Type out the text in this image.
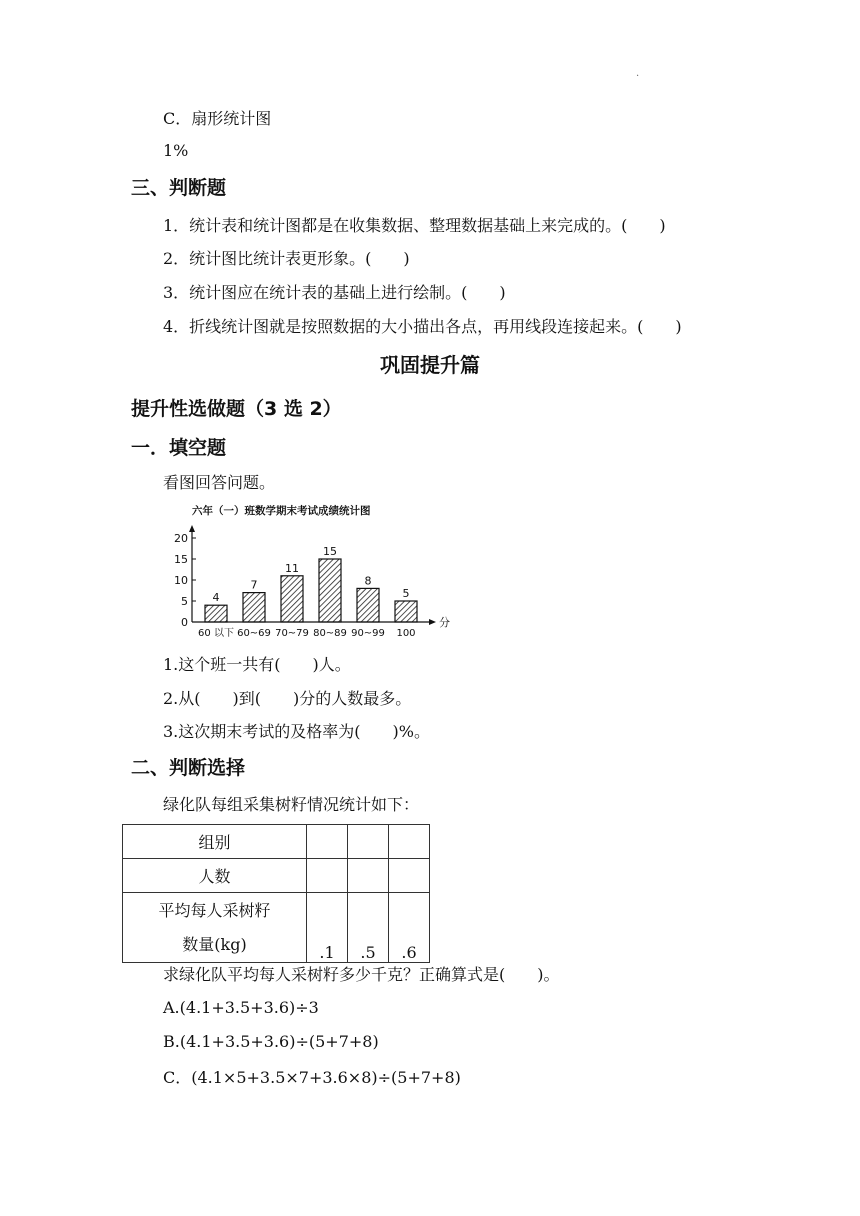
.
C．扇形统计图
1%
三、判断题
1．统计表和统计图都是在收集数据、整理数据基础上来完成的。(　　)
2．统计图比统计表更形象。(　　)
3．统计图应在统计表的基础上进行绘制。(　　)
4．折线统计图就是按照数据的大小描出各点，再用线段连接起来。(　　)
巩固提升篇
提升性选做题（3 选 2）
一．填空题
看图回答问题。
六年（一）班数学期末考试成绩统计图
0
5
10
15
20
4
7
11
15
8
5
60 以下 60~69 70~79 80~89 90~99 100
分
1.这个班一共有(　　)人。
2.从(　　)到(　　)分的人数最多。
3.这次期末考试的及格率为(　　)%。
二、判断选择
绿化队每组采集树籽情况统计如下：
组别			
人数			

平均每人采树籽
数量(kg)	.1	.5	.6
求绿化队平均每人采树籽多少千克？正确算式是(　　)。
A.(4.1+3.5+3.6)÷3
B.(4.1+3.5+3.6)÷(5+7+8)
C．(4.1×5+3.5×7+3.6×8)÷(5+7+8)
